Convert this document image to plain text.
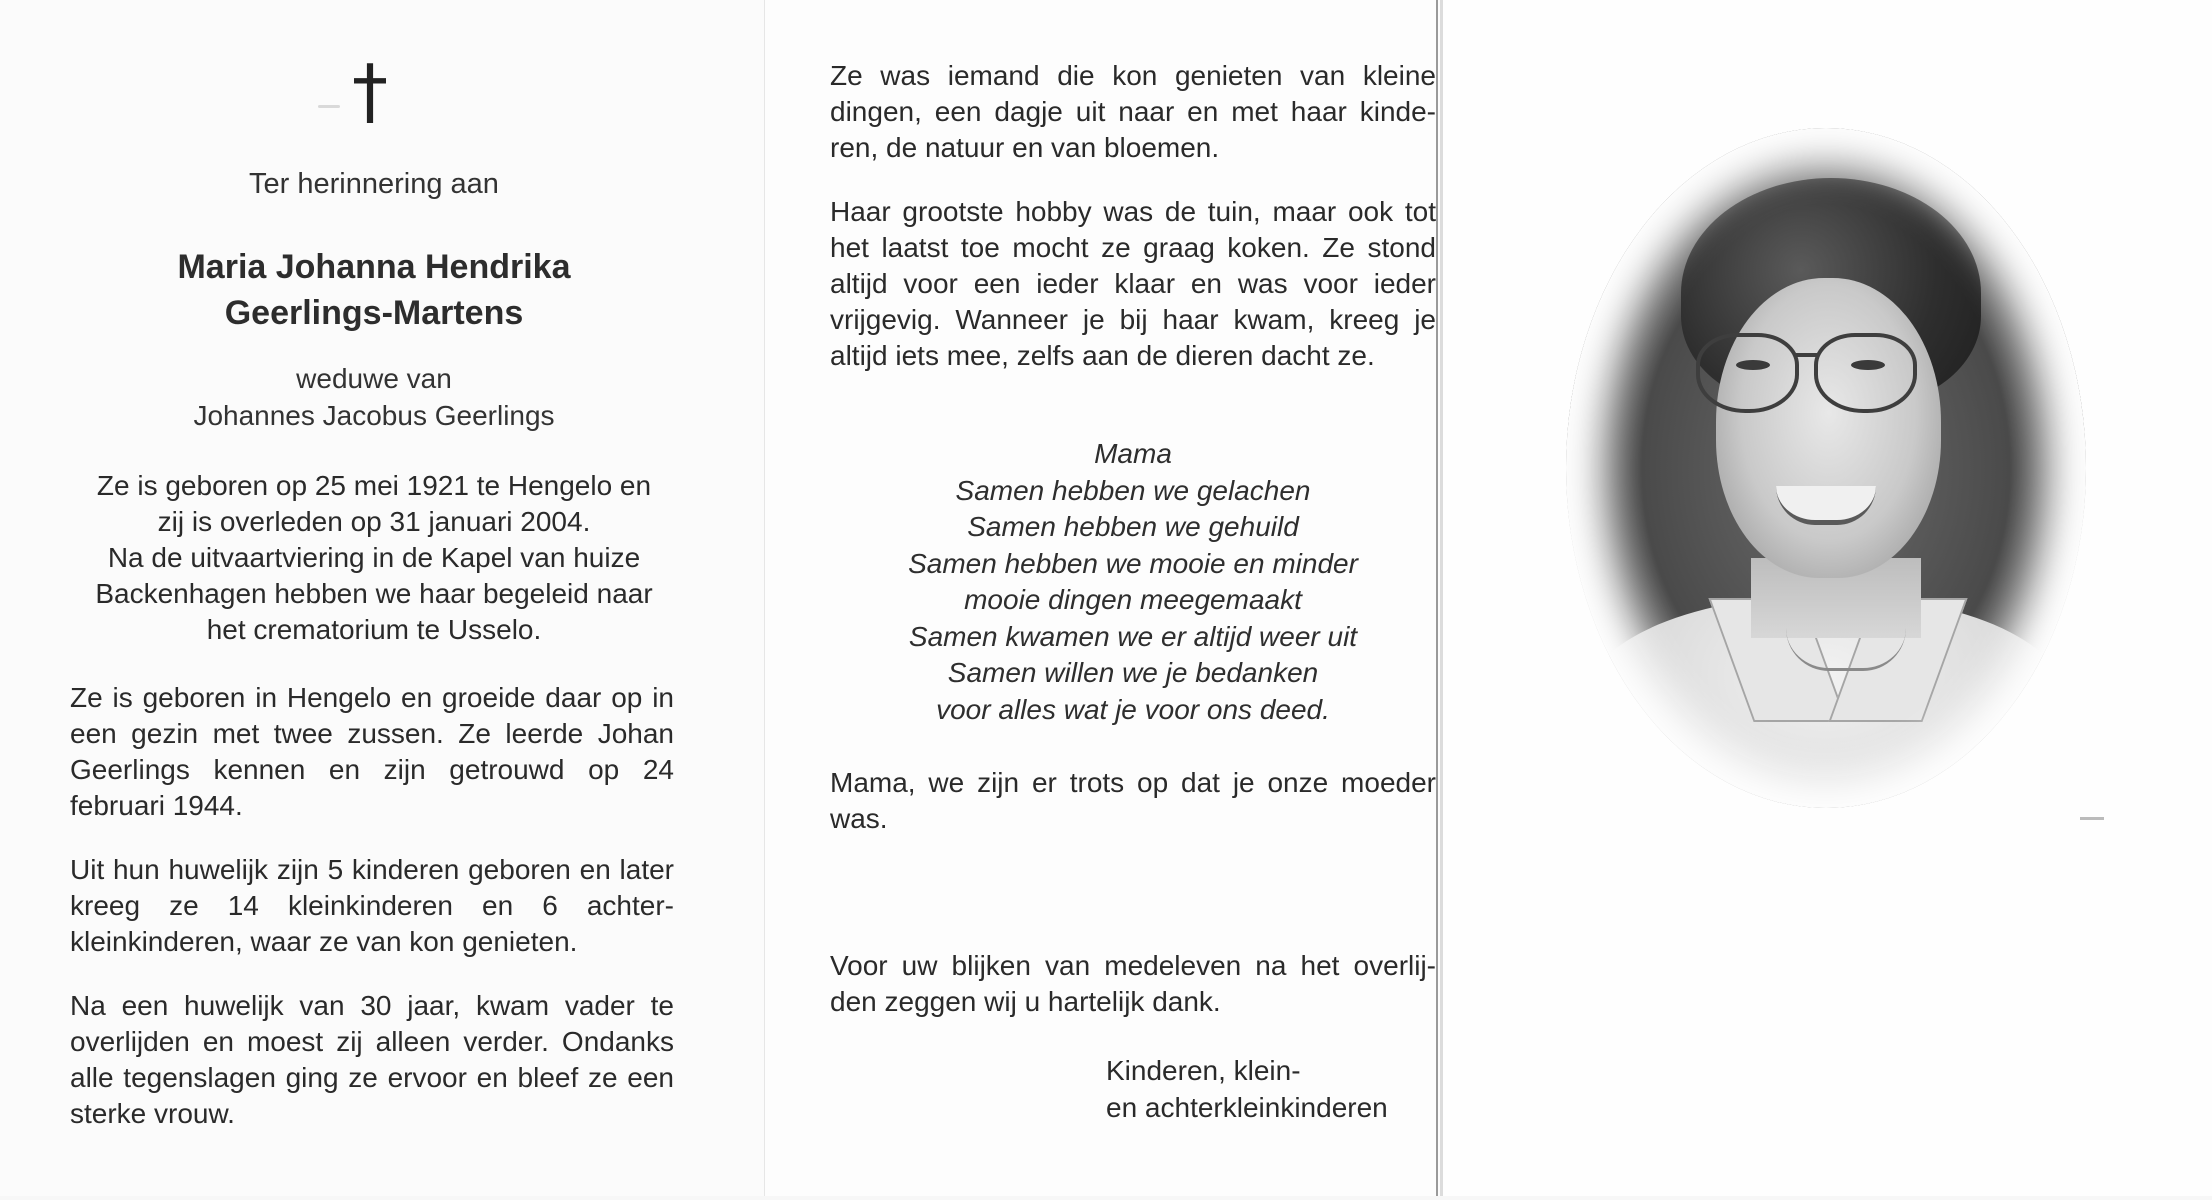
†
Ter herinnering aan
Maria Johanna Hendrika
Geerlings-Martens
weduwe van
Johannes Jacobus Geerlings
Ze is geboren op 25 mei 1921 te Hengelo en
zij is overleden op 31 januari 2004.
Na de uitvaartviering in de Kapel van huize
Backenhagen hebben we haar begeleid naar
het crematorium te Usselo.
Ze is geboren in Hengelo en groeide daar op in een gezin met twee zussen. Ze leerde Johan Geerlings kennen en zijn getrouwd op 24 februari 1944.
Uit hun huwelijk zijn 5 kinderen geboren en later kreeg ze 14 kleinkinderen en 6 achter-kleinkinderen, waar ze van kon genieten.
Na een huwelijk van 30 jaar, kwam vader te overlijden en moest zij alleen verder. Ondanks alle tegenslagen ging ze ervoor en bleef ze een sterke vrouw.
Ze was iemand die kon genieten van kleine dingen, een dagje uit naar en met haar kinde-ren, de natuur en van bloemen.
Haar grootste hobby was de tuin, maar ook tot het laatst toe mocht ze graag koken. Ze stond altijd voor een ieder klaar en was voor ieder vrijgevig. Wanneer je bij haar kwam, kreeg je altijd iets mee, zelfs aan de dieren dacht ze.
Mama
Samen hebben we gelachen
Samen hebben we gehuild
Samen hebben we mooie en minder
mooie dingen meegemaakt
Samen kwamen we er altijd weer uit
Samen willen we je bedanken
voor alles wat je voor ons deed.
Mama, we zijn er trots op dat je onze moeder was.
Voor uw blijken van medeleven na het overlij-den zeggen wij u hartelijk dank.
Kinderen, klein-
en achterkleinkinderen
